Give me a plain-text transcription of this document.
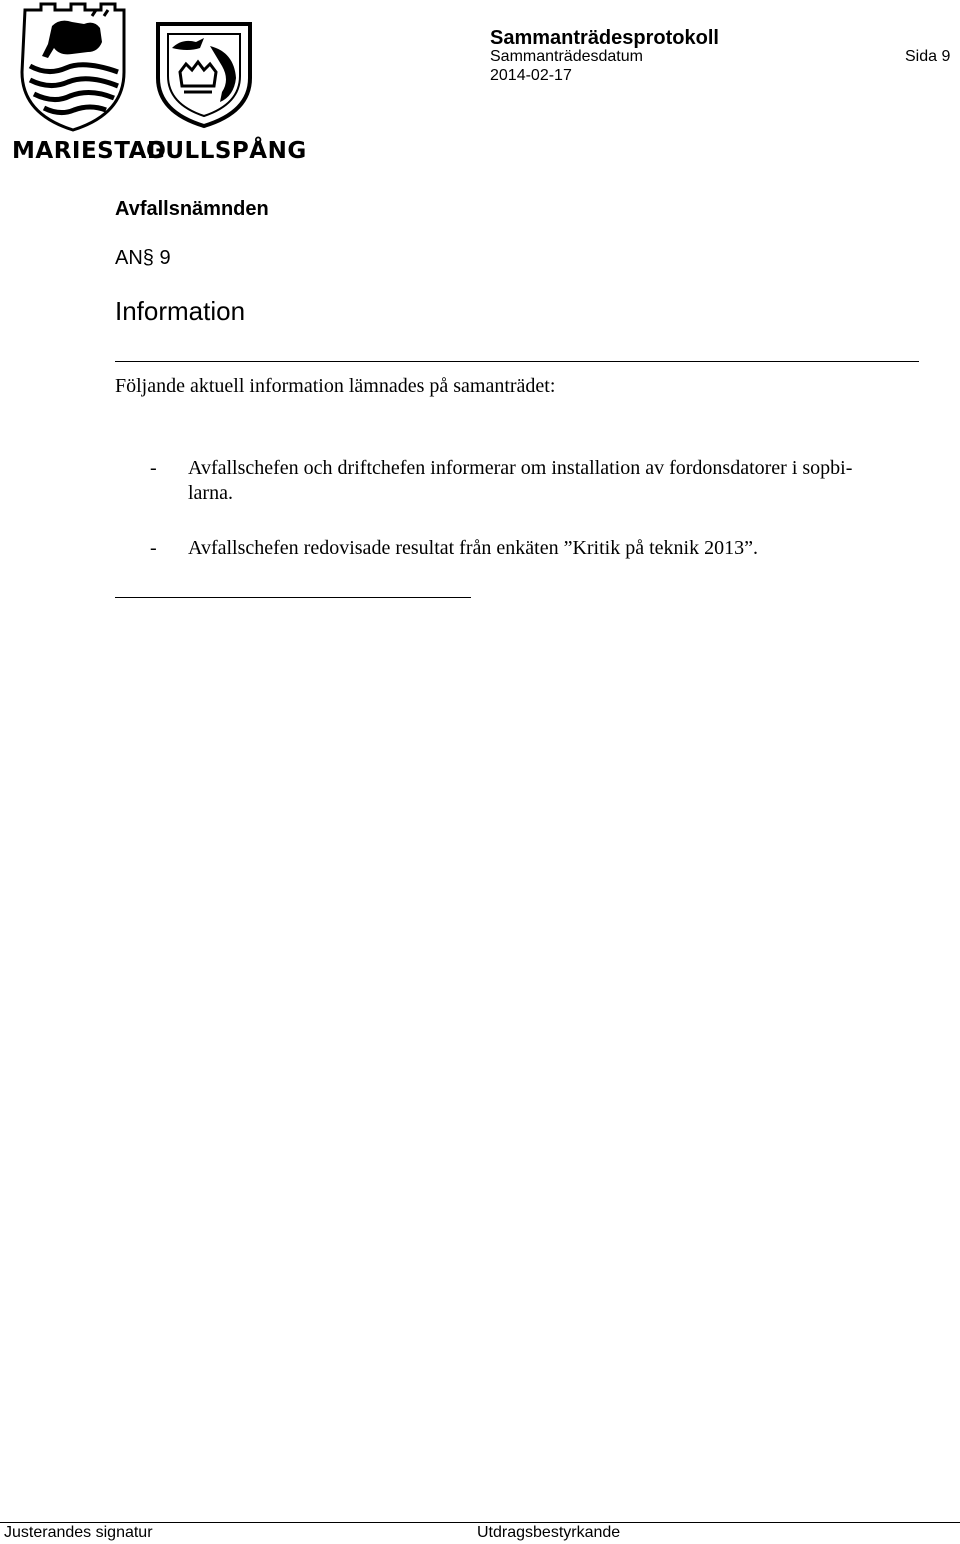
MARIESTAD
GULLSPÅNG
Sammanträdesprotokoll
Sammanträdesdatum
2014-02-17
Sida 9
Avfallsnämnden
AN§ 9
Information
Följande aktuell information lämnades på samanträdet:
- Avfallschefen och driftchefen informerar om installation av fordonsdatorer i sopbi-
larna.
- Avfallschefen redovisade resultat från enkäten ”Kritik på teknik 2013”.
Justerandes signatur	Utdragsbestyrkande
